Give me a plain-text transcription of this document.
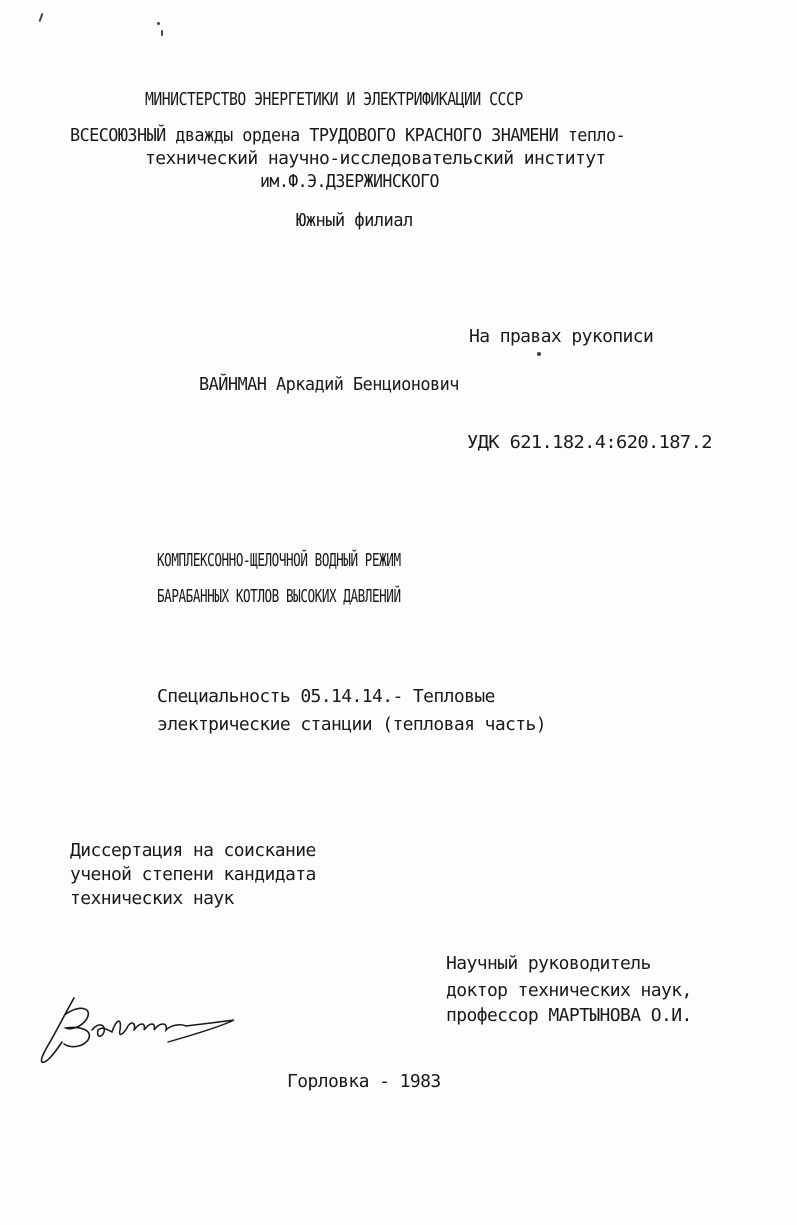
МИНИСТЕРСТВО ЭНЕРГЕТИКИ И ЭЛЕКТРИФИКАЦИИ СССР
ВСЕСОЮЗНЫЙ дважды ордена ТРУДОВОГО КРАСНОГО ЗНАМЕНИ тепло-
технический научно-исследовательский институт
им.Ф.Э.ДЗЕРЖИНСКОГО
Южный филиал
На правах рукописи
ВАЙНМАН Аркадий Бенционович
УДК 621.182.4:620.187.2
КОМПЛЕКСОННО-ЩЕЛОЧНОЙ ВОДНЫЙ РЕЖИМ
БАРАБАННЫХ КОТЛОВ ВЫСОКИХ ДАВЛЕНИЙ
Специальность 05.14.14.- Тепловые
электрические станции (тепловая часть)
Диссертация на соискание
ученой степени кандидата
технических наук
Научный руководитель
доктор технических наук,
профессор МАРТЫНОВА О.И.
Горловка - 1983
